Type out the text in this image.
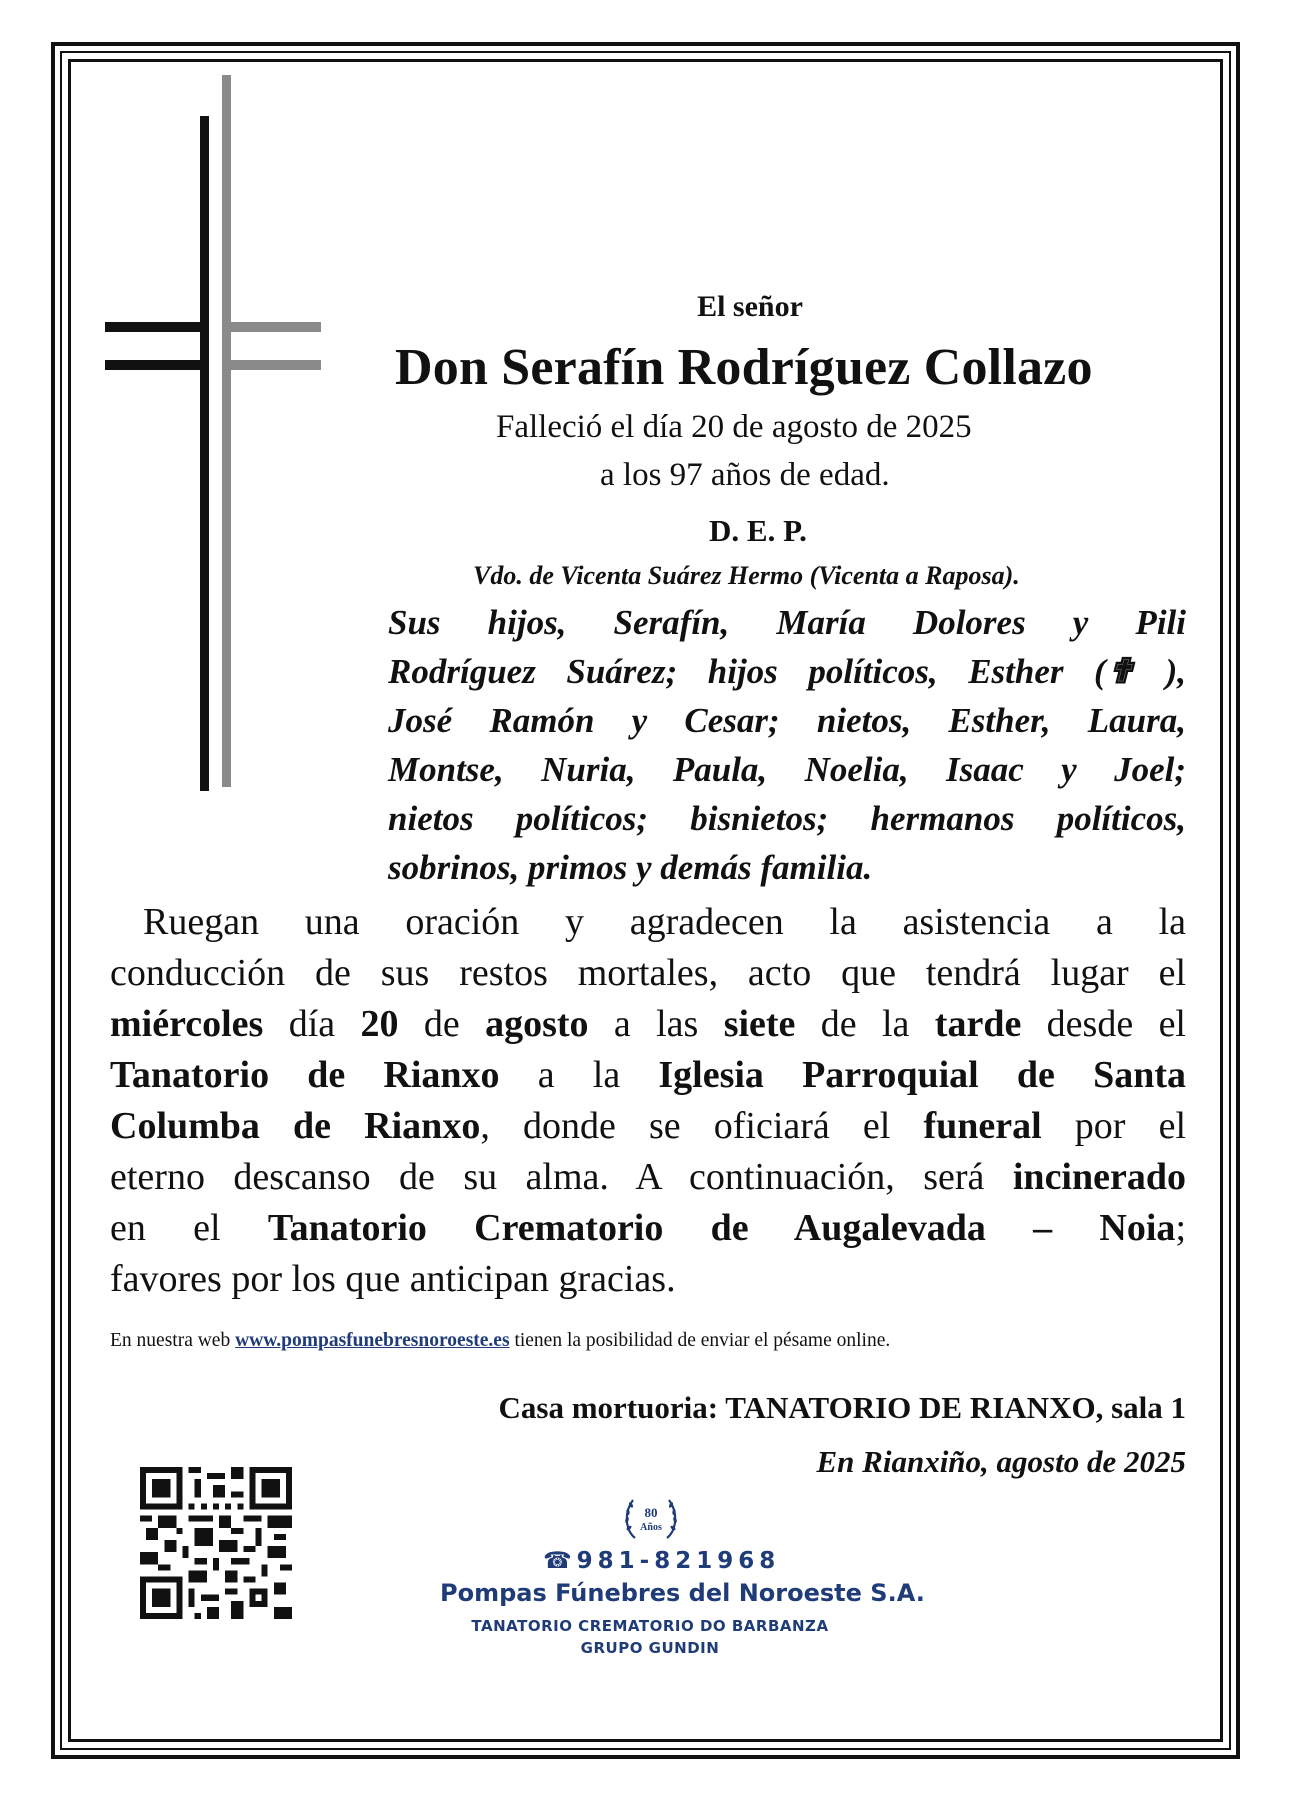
El señor
Don Serafín Rodríguez Collazo
Falleció el día 20 de agosto de 2025
a los 97 años de edad.
D. E. P.
Vdo. de Vicenta Suárez Hermo (Vicenta a Raposa).
Sus hijos, Serafín, María Dolores y Pili
Rodríguez Suárez; hijos políticos, Esther (✟ ),
José Ramón y Cesar; nietos, Esther, Laura,
Montse, Nuria, Paula, Noelia, Isaac y Joel;
nietos políticos; bisnietos; hermanos políticos,
sobrinos, primos y demás familia.
Ruegan una oración y agradecen la asistencia a la
conducción de sus restos mortales, acto que tendrá lugar el
miércoles día 20 de agosto a las siete de la tarde desde el
Tanatorio de Rianxo a la Iglesia Parroquial de Santa
Columba de Rianxo, donde se oficiará el funeral por el
eterno descanso de su alma. A continuación, será incinerado
en el Tanatorio Crematorio de Augalevada – Noia;
favores por los que anticipan gracias.
En nuestra web www.pompasfunebresnoroeste.es tienen la posibilidad de enviar el pésame online.
Casa mortuoria: TANATORIO DE RIANXO, sala 1
En Rianxiño, agosto de 2025
80
Años
☎981-821968
Pompas Fúnebres del Noroeste S.A.
TANATORIO CREMATORIO DO BARBANZA
GRUPO GUNDIN
